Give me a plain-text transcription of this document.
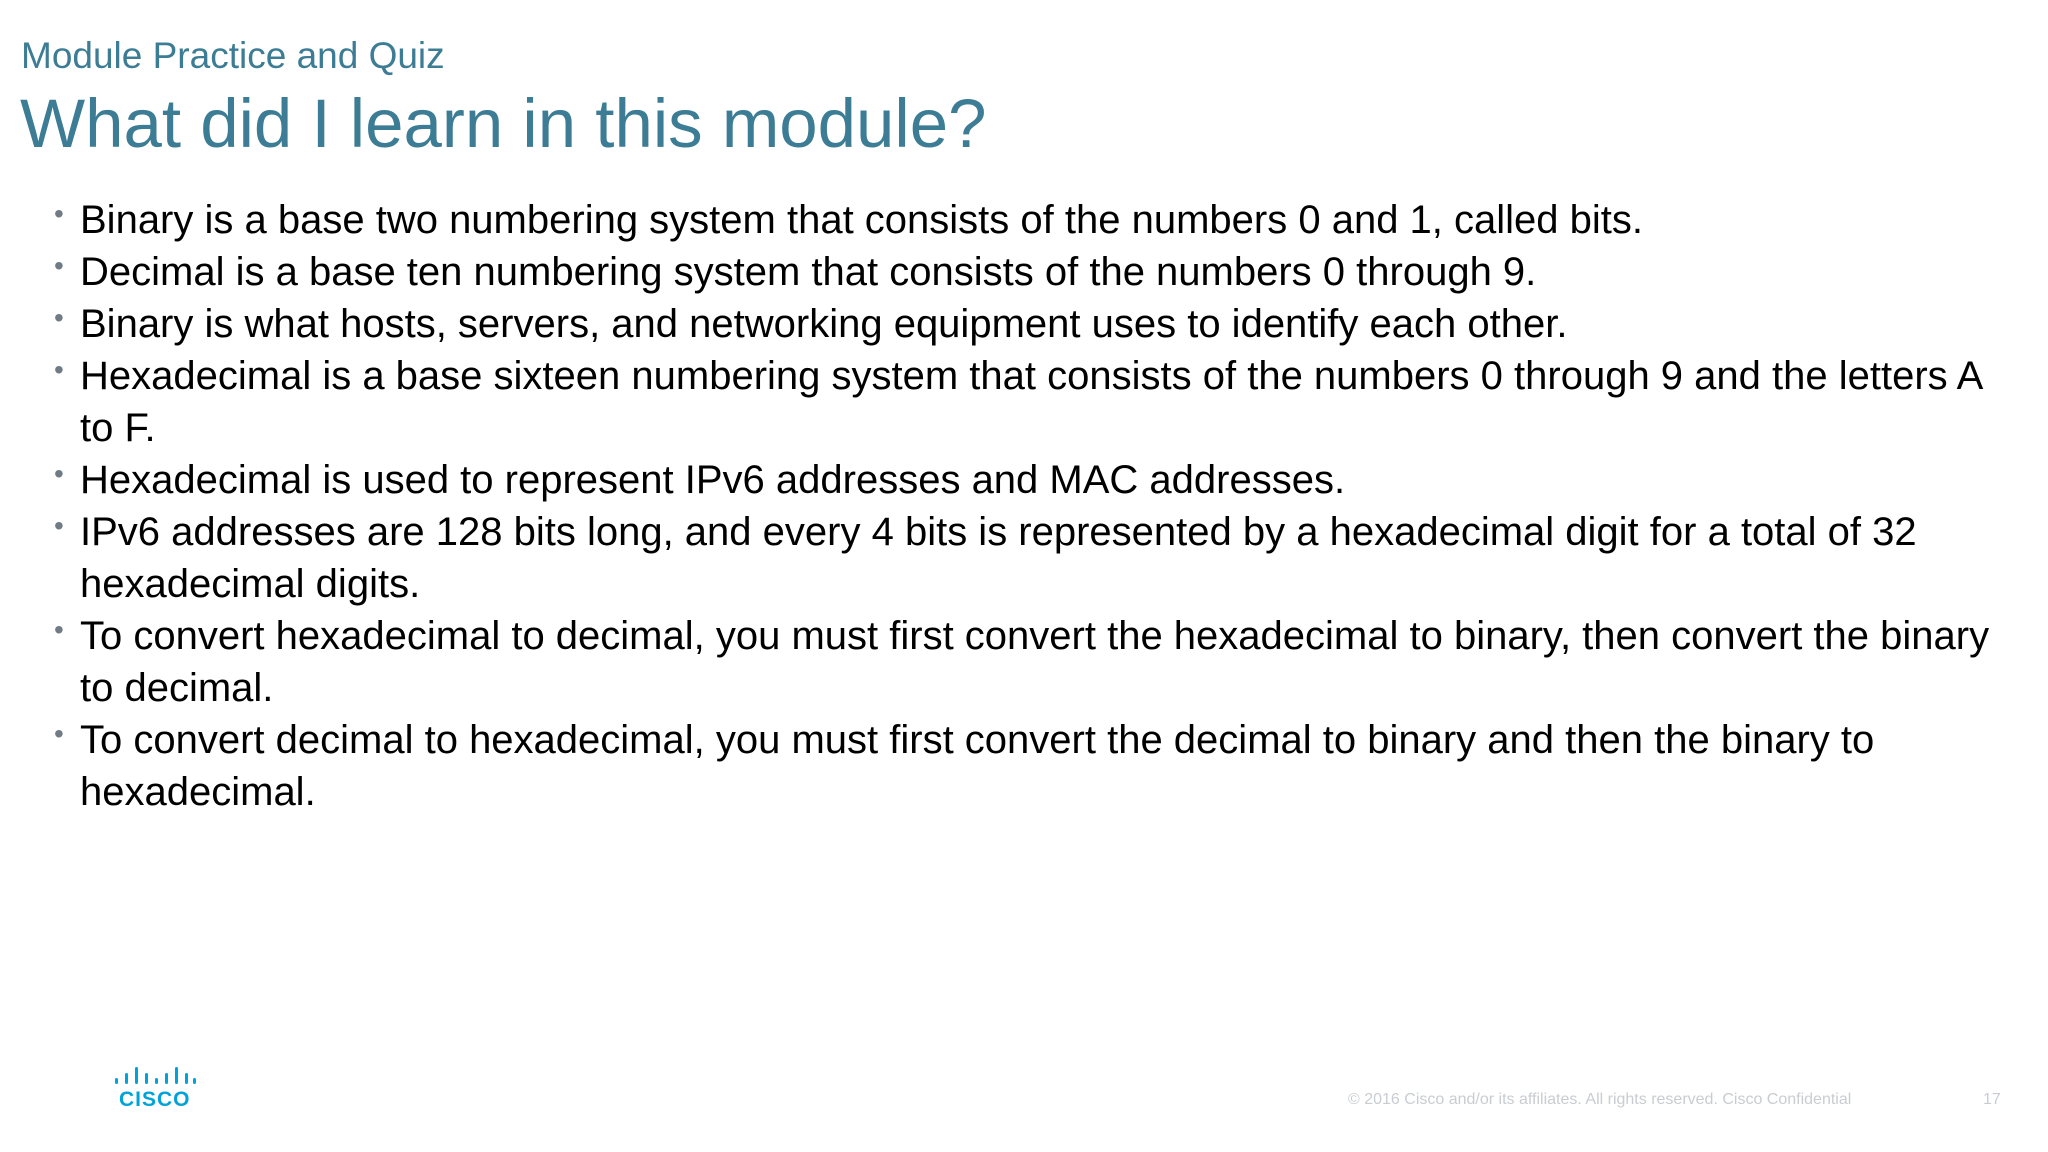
Module Practice and Quiz
What did I learn in this module?
• Binary is a base two numbering system that consists of the numbers 0 and 1, called bits.
• Decimal is a base ten numbering system that consists of the numbers 0 through 9.
• Binary is what hosts, servers, and networking equipment uses to identify each other.
• Hexadecimal is a base sixteen numbering system that consists of the numbers 0 through 9 and the letters A to F.
• Hexadecimal is used to represent IPv6 addresses and MAC addresses.
• IPv6 addresses are 128 bits long, and every 4 bits is represented by a hexadecimal digit for a total of 32 hexadecimal digits.
• To convert hexadecimal to decimal, you must first convert the hexadecimal to binary, then convert the binary to decimal.
• To convert decimal to hexadecimal, you must first convert the decimal to binary and then the binary to hexadecimal.
CISCO	© 2016 Cisco and/or its affiliates. All rights reserved. Cisco Confidential	17
